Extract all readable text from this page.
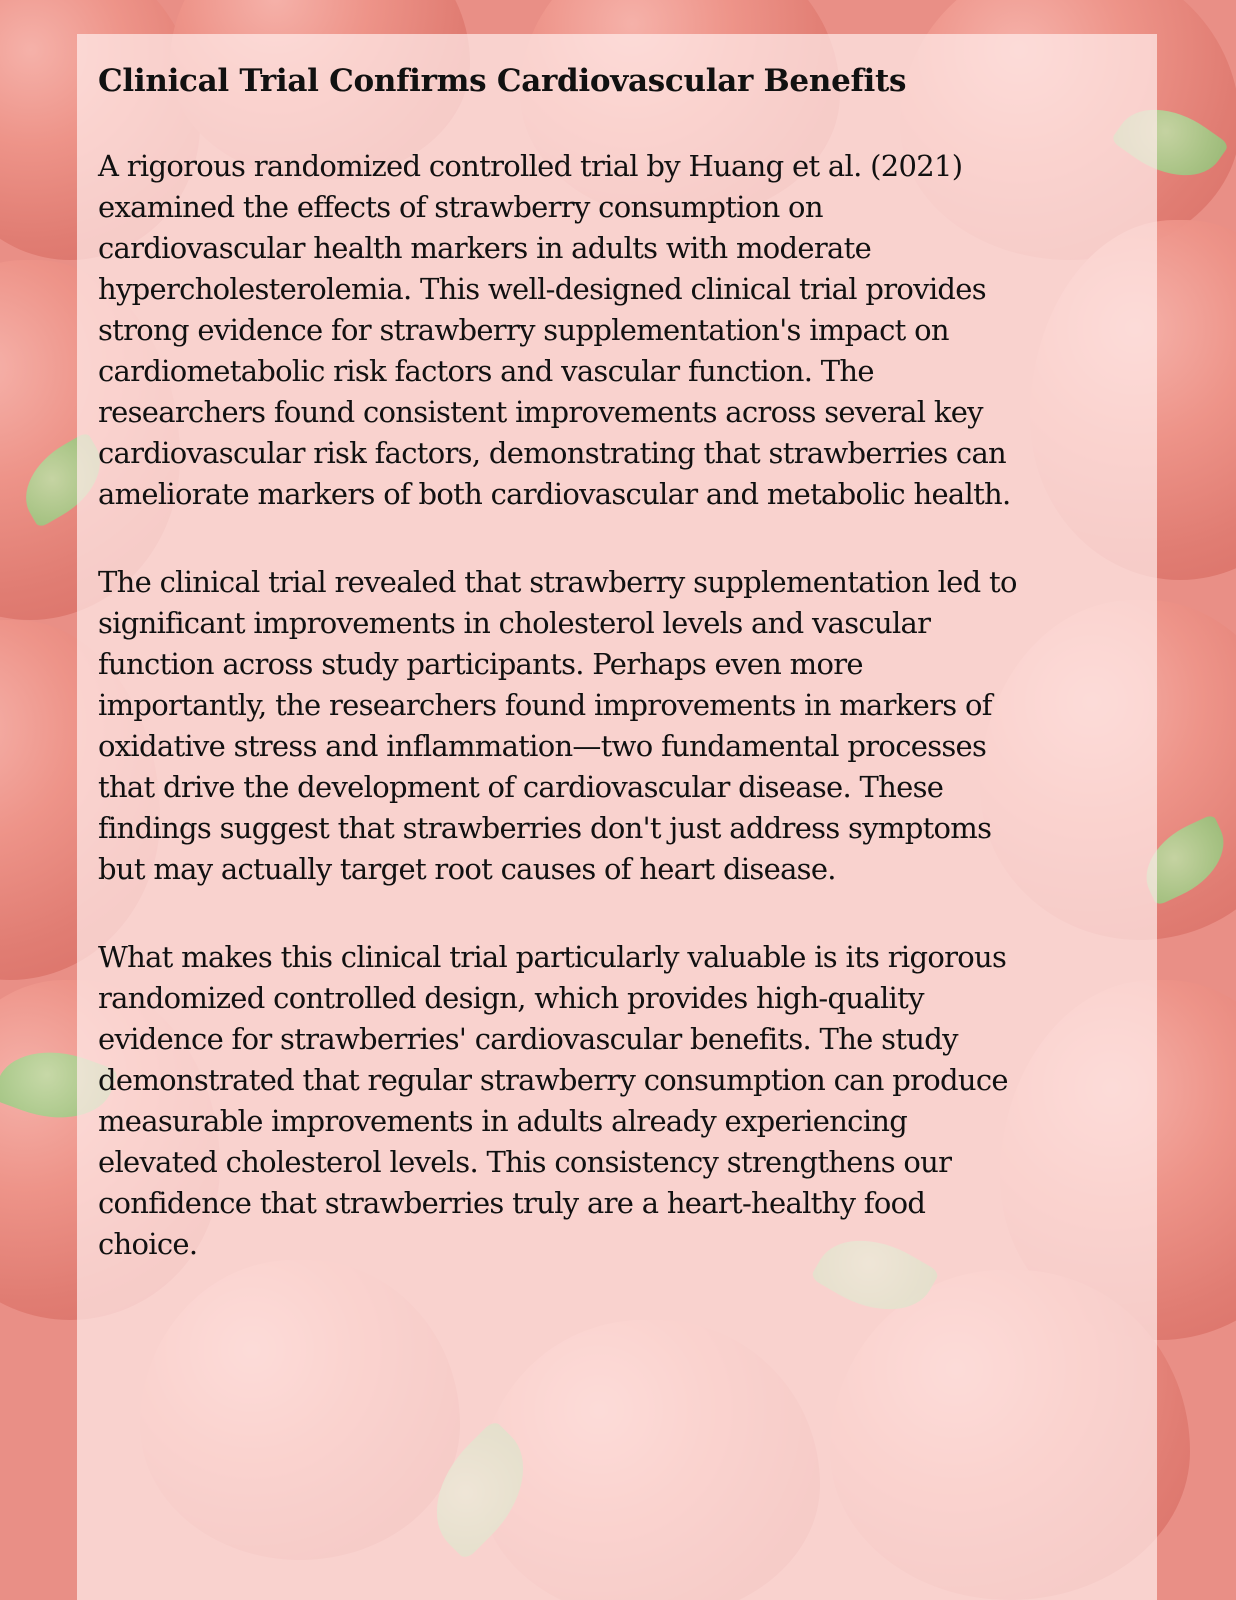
Clinical Trial Confirms Cardiovascular Benefits

A rigorous randomized controlled trial by Huang et al. (2021)
examined the effects of strawberry consumption on
cardiovascular health markers in adults with moderate
hypercholesterolemia. This well-designed clinical trial provides
strong evidence for strawberry supplementation's impact on
cardiometabolic risk factors and vascular function. The
researchers found consistent improvements across several key
cardiovascular risk factors, demonstrating that strawberries can
ameliorate markers of both cardiovascular and metabolic health.

The clinical trial revealed that strawberry supplementation led to
significant improvements in cholesterol levels and vascular
function across study participants. Perhaps even more
importantly, the researchers found improvements in markers of
oxidative stress and inflammation—two fundamental processes
that drive the development of cardiovascular disease. These
findings suggest that strawberries don't just address symptoms
but may actually target root causes of heart disease.

What makes this clinical trial particularly valuable is its rigorous
randomized controlled design, which provides high-quality
evidence for strawberries' cardiovascular benefits. The study
demonstrated that regular strawberry consumption can produce
measurable improvements in adults already experiencing
elevated cholesterol levels. This consistency strengthens our
confidence that strawberries truly are a heart-healthy food
choice.
